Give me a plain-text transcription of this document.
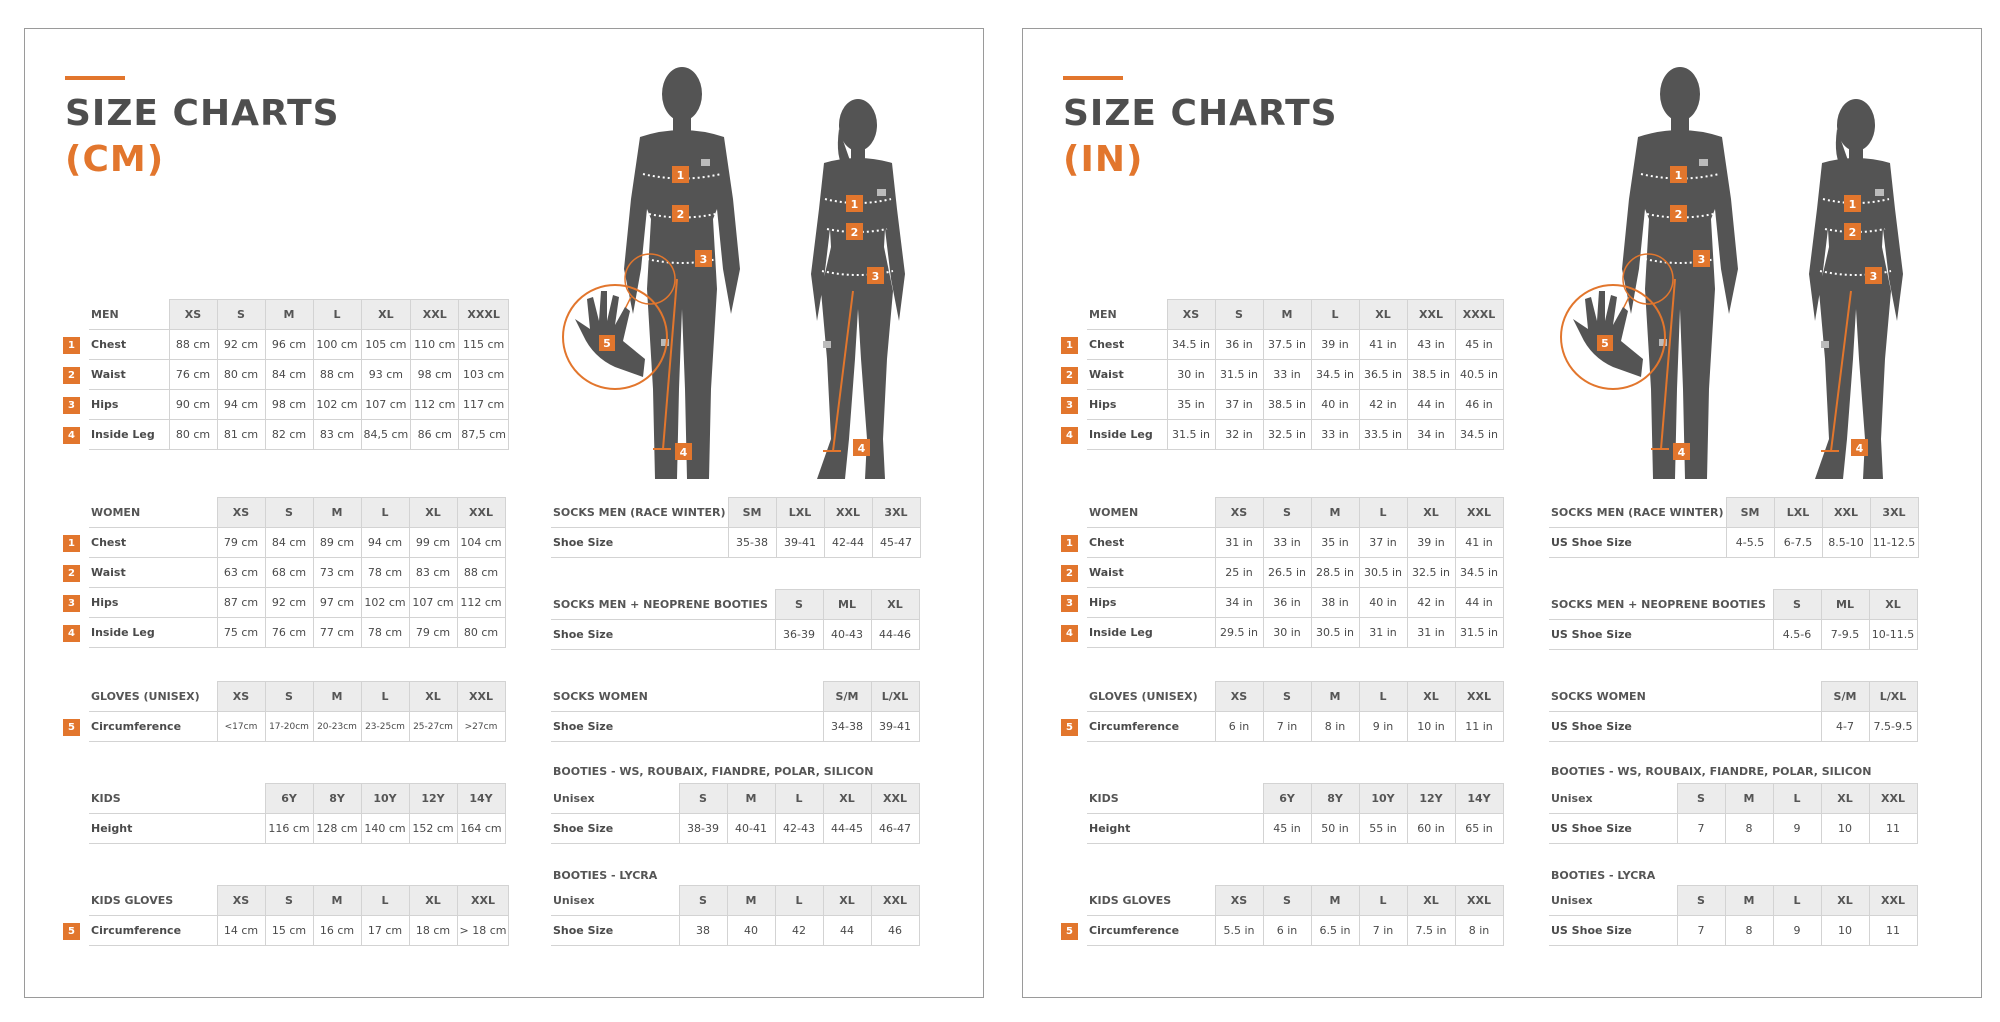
SIZE CHARTS
(CM)	1
2
3
4
1
2
3
4
5
MEN	XS	S	M	L	XL	XXL	XXXL

1 Chest	88 cm	92 cm	96 cm	100 cm	105 cm	110 cm	115 cm

2 Waist	76 cm	80 cm	84 cm	88 cm	93 cm	98 cm	103 cm

3 Hips	90 cm	94 cm	98 cm	102 cm	107 cm	112 cm	117 cm

4 Inside Leg	80 cm	81 cm	82 cm	83 cm	84,5 cm	86 cm	87,5 cm
WOMEN	XS	S	M	L	XL	XXL

1 Chest	79 cm	84 cm	89 cm	94 cm	99 cm	104 cm

2 Waist	63 cm	68 cm	73 cm	78 cm	83 cm	88 cm

3 Hips	87 cm	92 cm	97 cm	102 cm	107 cm	112 cm

4 Inside Leg	75 cm	76 cm	77 cm	78 cm	79 cm	80 cm
GLOVES (UNISEX)	XS	S	M	L	XL	XXL

5 Circumference	<17cm	17-20cm	20-23cm	23-25cm	25-27cm	>27cm
KIDS	6Y	8Y	10Y	12Y	14Y

Height	116 cm	128 cm	140 cm	152 cm	164 cm
KIDS GLOVES	XS	S	M	L	XL	XXL

5 Circumference	14 cm	15 cm	16 cm	17 cm	18 cm	> 18 cm
SOCKS MEN (RACE WINTER)	SM	LXL	XXL	3XL

Shoe Size	35-38	39-41	42-44	45-47
SOCKS MEN + NEOPRENE BOOTIES	S	ML	XL

Shoe Size	36-39	40-43	44-46
SOCKS WOMEN	S/M	L/XL

Shoe Size	34-38	39-41
BOOTIES - WS, ROUBAIX, FIANDRE, POLAR, SILICON
Unisex	S	M	L	XL	XXL

Shoe Size	38-39	40-41	42-43	44-45	46-47
BOOTIES - LYCRA
Unisex	S	M	L	XL	XXL

Shoe Size	38	40	42	44	46
SIZE CHARTS
(IN)	1
2
3
4
1
2
3
4
5
MEN	XS	S	M	L	XL	XXL	XXXL

1 Chest	34.5 in	36 in	37.5 in	39 in	41 in	43 in	45 in

2 Waist	30 in	31.5 in	33 in	34.5 in	36.5 in	38.5 in	40.5 in

3 Hips	35 in	37 in	38.5 in	40 in	42 in	44 in	46 in

4 Inside Leg	31.5 in	32 in	32.5 in	33 in	33.5 in	34 in	34.5 in
WOMEN	XS	S	M	L	XL	XXL

1 Chest	31 in	33 in	35 in	37 in	39 in	41 in

2 Waist	25 in	26.5 in	28.5 in	30.5 in	32.5 in	34.5 in

3 Hips	34 in	36 in	38 in	40 in	42 in	44 in

4 Inside Leg	29.5 in	30 in	30.5 in	31 in	31 in	31.5 in
GLOVES (UNISEX)	XS	S	M	L	XL	XXL

5 Circumference	6 in	7 in	8 in	9 in	10 in	11 in
KIDS	6Y	8Y	10Y	12Y	14Y

Height	45 in	50 in	55 in	60 in	65 in
KIDS GLOVES	XS	S	M	L	XL	XXL

5 Circumference	5.5 in	6 in	6.5 in	7 in	7.5 in	8 in
SOCKS MEN (RACE WINTER)	SM	LXL	XXL	3XL

US Shoe Size	4-5.5	6-7.5	8.5-10	11-12.5
SOCKS MEN + NEOPRENE BOOTIES	S	ML	XL

US Shoe Size	4.5-6	7-9.5	10-11.5
SOCKS WOMEN	S/M	L/XL

US Shoe Size	4-7	7.5-9.5
BOOTIES - WS, ROUBAIX, FIANDRE, POLAR, SILICON
Unisex	S	M	L	XL	XXL

US Shoe Size	7	8	9	10	11
BOOTIES - LYCRA
Unisex	S	M	L	XL	XXL

US Shoe Size	7	8	9	10	11
